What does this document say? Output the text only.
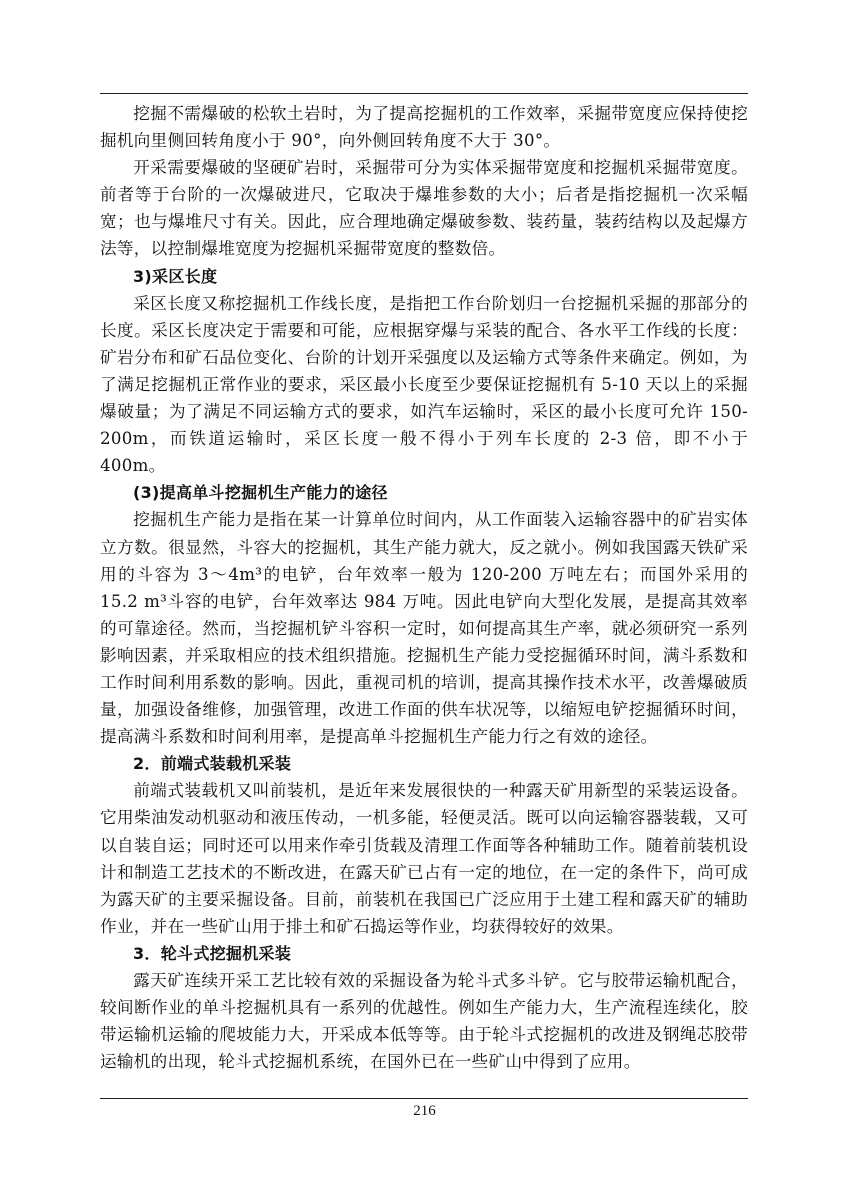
挖掘不需爆破的松软土岩时，为了提高挖掘机的工作效率，采掘带宽度应保持使挖掘机向里侧回转角度小于 90°，向外侧回转角度不大于 30°。

开采需要爆破的坚硬矿岩时，采掘带可分为实体采掘带宽度和挖掘机采掘带宽度。前者等于台阶的一次爆破进尺，它取决于爆堆参数的大小；后者是指挖掘机一次采幅宽；也与爆堆尺寸有关。因此，应合理地确定爆破参数、装药量，装药结构以及起爆方法等，以控制爆堆宽度为挖掘机采掘带宽度的整数倍。

3)采区长度

采区长度又称挖掘机工作线长度，是指把工作台阶划归一台挖掘机采掘的那部分的长度。采区长度决定于需要和可能，应根据穿爆与采装的配合、各水平工作线的长度：矿岩分布和矿石品位变化、台阶的计划开采强度以及运输方式等条件来确定。例如，为了满足挖掘机正常作业的要求，采区最小长度至少要保证挖掘机有 5-10 天以上的采掘爆破量；为了满足不同运输方式的要求，如汽车运输时，采区的最小长度可允许 150-200m，而铁道运输时，采区长度一般不得小于列车长度的 2-3 倍，即不小于 400m。

(3)提高单斗挖掘机生产能力的途径

挖掘机生产能力是指在某一计算单位时间内，从工作面装入运输容器中的矿岩实体立方数。很显然，斗容大的挖掘机，其生产能力就大，反之就小。例如我国露天铁矿采用的斗容为 3～4m³的电铲，台年效率一般为 120-200 万吨左右；而国外采用的 15.2 m³斗容的电铲，台年效率达 984 万吨。因此电铲向大型化发展，是提高其效率的可靠途径。然而，当挖掘机铲斗容积一定时，如何提高其生产率，就必须研究一系列影响因素，并采取相应的技术组织措施。挖掘机生产能力受挖掘循环时间，满斗系数和工作时间利用系数的影响。因此，重视司机的培训，提高其操作技术水平，改善爆破质量，加强设备维修，加强管理，改进工作面的供车状况等，以缩短电铲挖掘循环时间，提高满斗系数和时间利用率，是提高单斗挖掘机生产能力行之有效的途径。

2．前端式装载机采装

前端式装载机又叫前装机，是近年来发展很快的一种露天矿用新型的采装运设备。它用柴油发动机驱动和液压传动，一机多能，轻便灵活。既可以向运输容器装载，又可以自装自运；同时还可以用来作牵引货载及清理工作面等各种辅助工作。随着前装机设计和制造工艺技术的不断改进，在露天矿已占有一定的地位，在一定的条件下，尚可成为露天矿的主要采掘设备。目前，前装机在我国已广泛应用于土建工程和露天矿的辅助作业，并在一些矿山用于排土和矿石捣运等作业，均获得较好的效果。

3．轮斗式挖掘机采装

露天矿连续开采工艺比较有效的采掘设备为轮斗式多斗铲。它与胶带运输机配合，较间断作业的单斗挖掘机具有一系列的优越性。例如生产能力大，生产流程连续化，胶带运输机运输的爬坡能力大，开采成本低等等。由于轮斗式挖掘机的改进及钢绳芯胶带运输机的出现，轮斗式挖掘机系统，在国外已在一些矿山中得到了应用。

216
